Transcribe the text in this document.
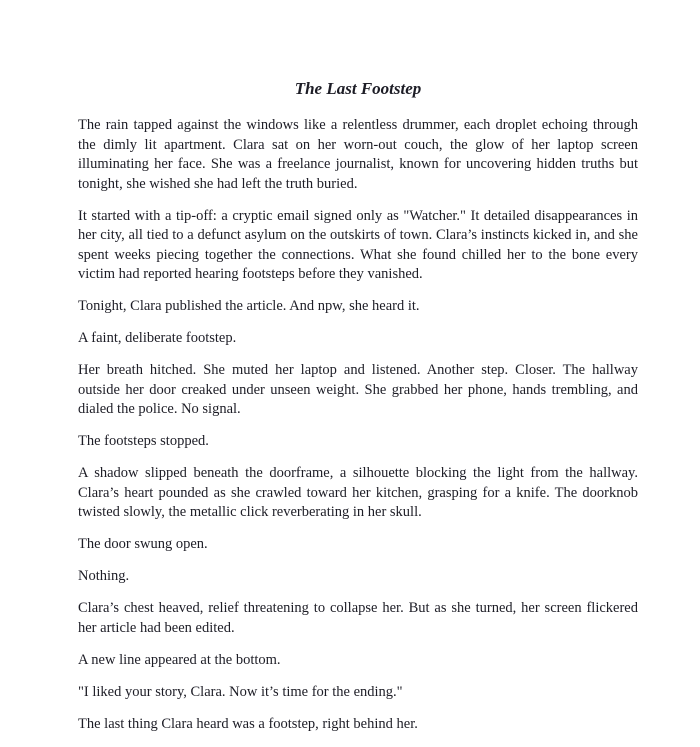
The Last Footstep

The rain tapped against the windows like a relentless drummer, each droplet echoing through the dimly lit apartment. Clara sat on her worn-out couch, the glow of her laptop screen illuminating her face. She was a freelance journalist, known for uncovering hidden truths but tonight, she wished she had left the truth buried.

It started with a tip-off: a cryptic email signed only as "Watcher." It detailed disappearances in her city, all tied to a defunct asylum on the outskirts of town. Clara’s instincts kicked in, and she spent weeks piecing together the connections. What she found chilled her to the bone every victim had reported hearing footsteps before they vanished.

Tonight, Clara published the article. And npw, she heard it.

A faint, deliberate footstep.

Her breath hitched. She muted her laptop and listened. Another step. Closer. The hallway outside her door creaked under unseen weight. She grabbed her phone, hands trembling, and dialed the police. No signal.

The footsteps stopped.

A shadow slipped beneath the doorframe, a silhouette blocking the light from the hallway. Clara’s heart pounded as she crawled toward her kitchen, grasping for a knife. The doorknob twisted slowly, the metallic click reverberating in her skull.

The door swung open.

Nothing.

Clara’s chest heaved, relief threatening to collapse her. But as she turned, her screen flickered her article had been edited.

A new line appeared at the bottom.

"I liked your story, Clara. Now it’s time for the ending."

The last thing Clara heard was a footstep, right behind her.
